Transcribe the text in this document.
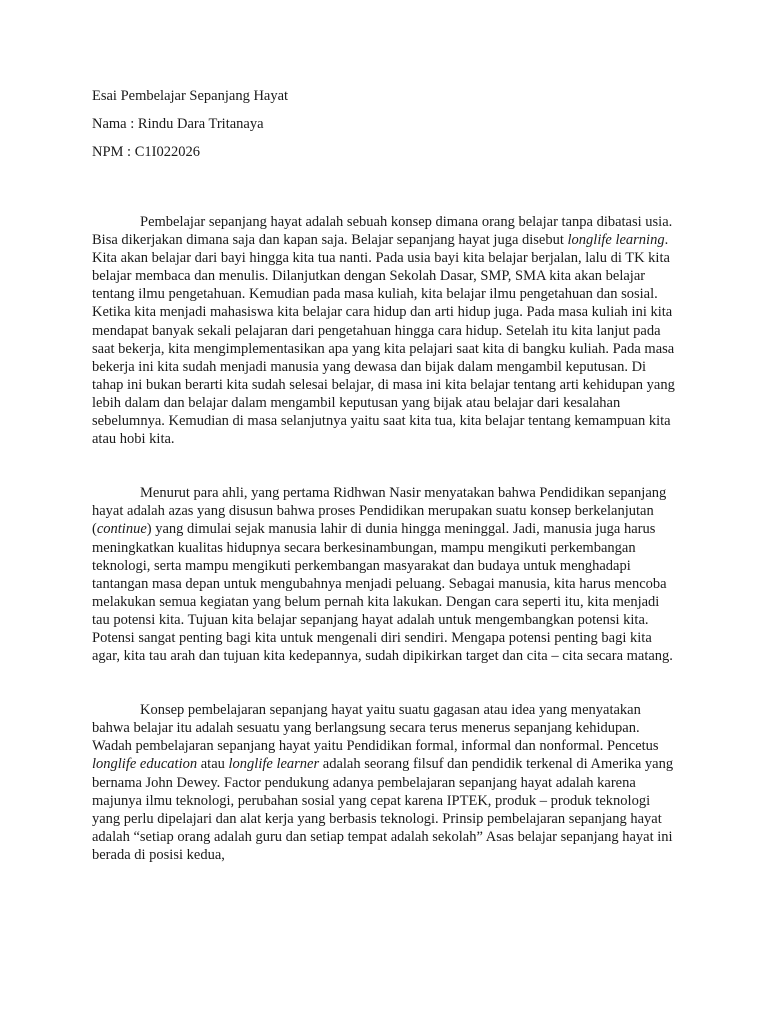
Esai Pembelajar Sepanjang Hayat

Nama : Rindu Dara Tritanaya

NPM : C1I022026

Pembelajar sepanjang hayat adalah sebuah konsep dimana orang belajar tanpa dibatasi usia. Bisa dikerjakan dimana saja dan kapan saja. Belajar sepanjang hayat juga disebut longlife learning. Kita akan belajar dari bayi hingga kita tua nanti. Pada usia bayi kita belajar berjalan, lalu di TK kita belajar membaca dan menulis. Dilanjutkan dengan Sekolah Dasar, SMP, SMA kita akan belajar tentang ilmu pengetahuan. Kemudian pada masa kuliah, kita belajar ilmu pengetahuan dan sosial. Ketika kita menjadi mahasiswa kita belajar cara hidup dan arti hidup juga. Pada masa kuliah ini kita mendapat banyak sekali pelajaran dari pengetahuan hingga cara hidup. Setelah itu kita lanjut pada saat bekerja, kita mengimplementasikan apa yang kita pelajari saat kita di bangku kuliah. Pada masa bekerja ini kita sudah menjadi manusia yang dewasa dan bijak dalam mengambil keputusan. Di tahap ini bukan berarti kita sudah selesai belajar, di masa ini kita belajar tentang arti kehidupan yang lebih dalam dan belajar dalam mengambil keputusan yang bijak atau belajar dari kesalahan sebelumnya. Kemudian di masa selanjutnya yaitu saat kita tua, kita belajar tentang kemampuan kita atau hobi kita.

Menurut para ahli, yang pertama Ridhwan Nasir menyatakan bahwa Pendidikan sepanjang hayat adalah azas yang disusun bahwa proses Pendidikan merupakan suatu konsep berkelanjutan (continue) yang dimulai sejak manusia lahir di dunia hingga meninggal. Jadi, manusia juga harus meningkatkan kualitas hidupnya secara berkesinambungan, mampu mengikuti perkembangan teknologi, serta mampu mengikuti perkembangan masyarakat dan budaya untuk menghadapi tantangan masa depan untuk mengubahnya menjadi peluang. Sebagai manusia, kita harus mencoba melakukan semua kegiatan yang belum pernah kita lakukan. Dengan cara seperti itu, kita menjadi tau potensi kita. Tujuan kita belajar sepanjang hayat adalah untuk mengembangkan potensi kita. Potensi sangat penting bagi kita untuk mengenali diri sendiri. Mengapa potensi penting bagi kita agar, kita tau arah dan tujuan kita kedepannya, sudah dipikirkan target dan cita – cita secara matang.

Konsep pembelajaran sepanjang hayat yaitu suatu gagasan atau idea yang menyatakan bahwa belajar itu adalah sesuatu yang berlangsung secara terus menerus sepanjang kehidupan. Wadah pembelajaran sepanjang hayat yaitu Pendidikan formal, informal dan nonformal. Pencetus longlife education atau longlife learner adalah seorang filsuf dan pendidik terkenal di Amerika yang bernama John Dewey. Factor pendukung adanya pembelajaran sepanjang hayat adalah karena majunya ilmu teknologi, perubahan sosial yang cepat karena IPTEK, produk – produk teknologi yang perlu dipelajari dan alat kerja yang berbasis teknologi. Prinsip pembelajaran sepanjang hayat adalah “setiap orang adalah guru dan setiap tempat adalah sekolah” Asas belajar sepanjang hayat ini berada di posisi kedua,
